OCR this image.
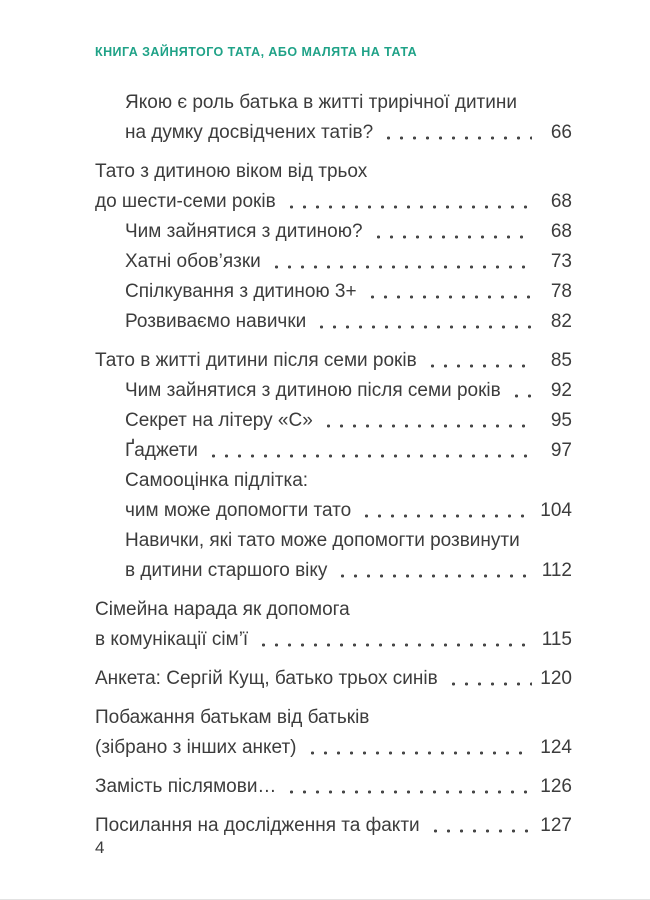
КНИГА ЗАЙНЯТОГО ТАТА, АБО МАЛЯТА НА ТАТА
Якою є роль батька в житті трирічної дитини
на думку досвідчених татів?	66
Тато з дитиною віком від трьох
до шести-семи років	68
Чим зайнятися з дитиною?	68
Хатні обов’язки	73
Спілкування з дитиною 3+	78
Розвиваємо навички	82
Тато в житті дитини після семи років	85
Чим зайнятися з дитиною після семи років	92
Секрет на літеру «С»	95
Ґаджети	97
Самооцінка підлітка:
чим може допомогти тато	104
Навички, які тато може допомогти розвинути
в дитини старшого віку	112
Сімейна нарада як допомога
в комунікації сім’ї	115
Анкета: Сергій Кущ, батько трьох синів	120
Побажання батькам від батьків
(зібрано з інших анкет)	124
Замість післямови…	126
Посилання на дослідження та факти	127
4
